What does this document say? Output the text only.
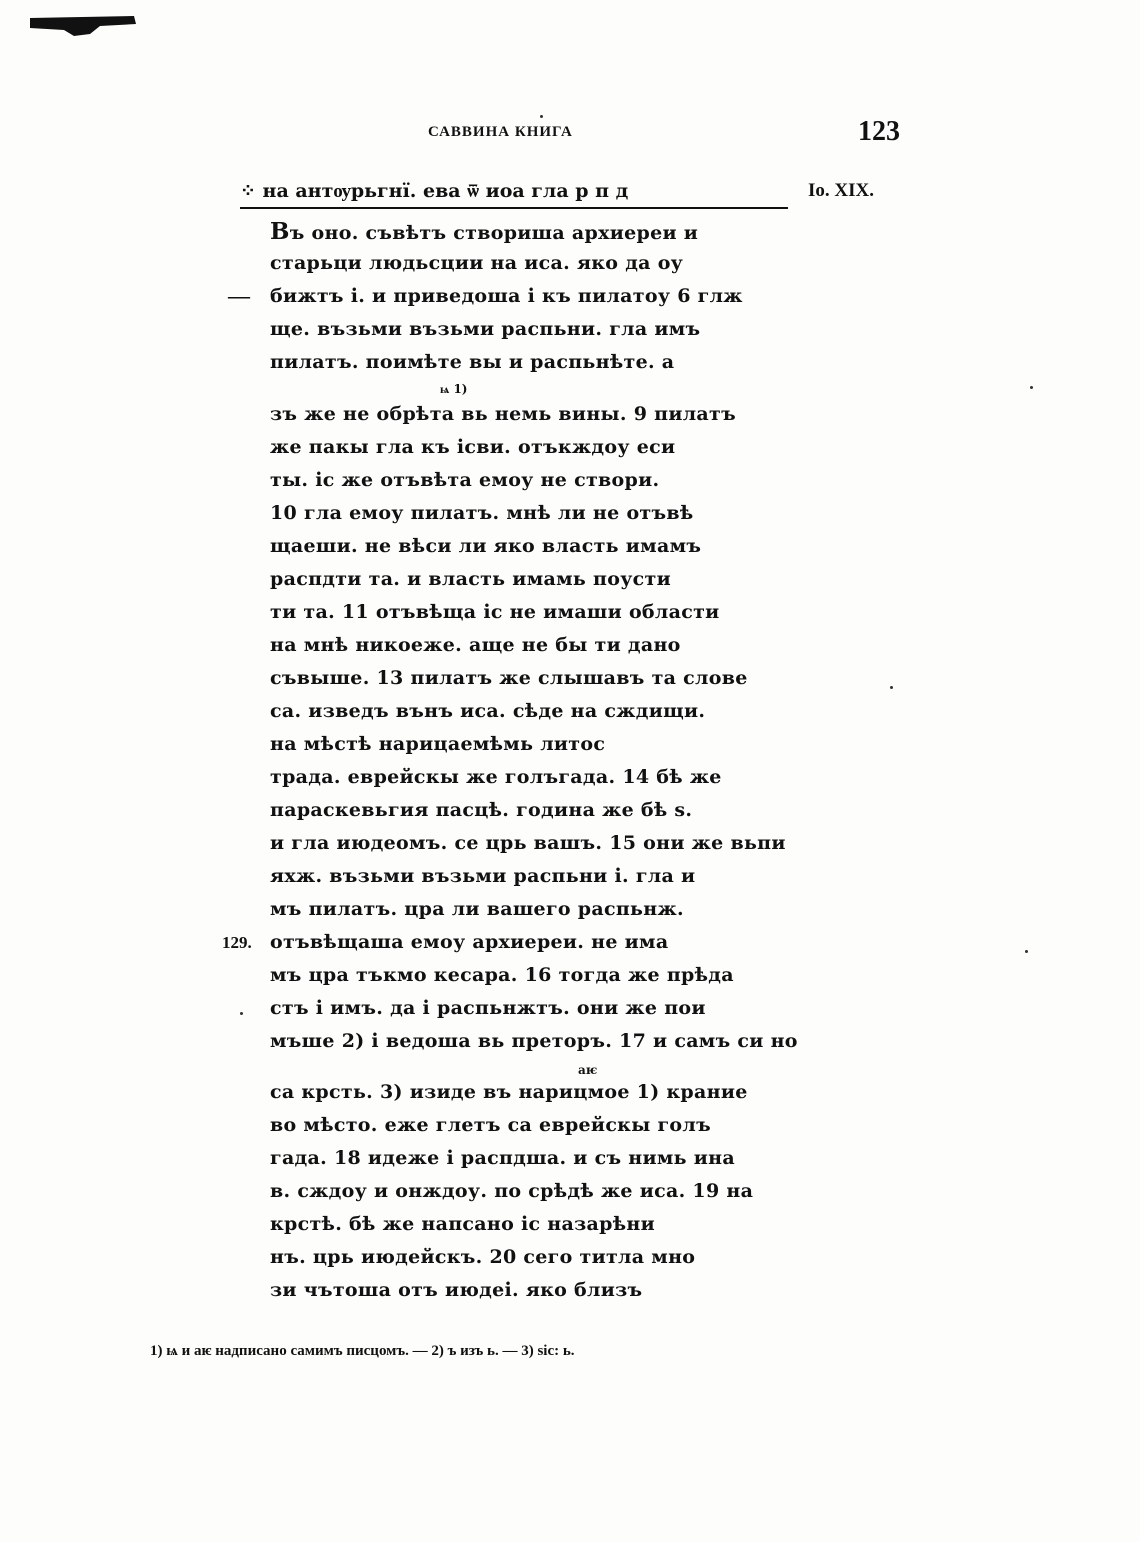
САВВИНА КНИГА	123
⁘ на антѹрьгнї. ева ѿ иоа гла р п д	Io. XIX.
Въ оно. съвѣтъ створиша архиереи и
старьци людьсции на иса. яко да оу
бижтъ і. и приведоша і къ пилатоу 6 глж
ще. възьми възьми распьни. гла имъ
пилатъ. поимѣте вы и распьнѣте. а
ѩ 1)
зъ же не обрѣта вь немь вины. 9 пилатъ
же пакы гла къ ісви. отъкждоу еси
ты. іс же отъвѣта емоу не створи.
10 гла емоу пилатъ. мнѣ ли не отъвѣ
щаеши. не вѣси ли яко власть имамъ
распдти та. и власть имамь поусти
ти та. 11 отъвѣща іс не имаши области
на мнѣ никоеже. аще не бы ти дано
съвыше. 13 пилатъ же слышавъ та слове
са. изведъ вънъ иса. сѣде на сждищи.
на мѣстѣ нарицаемѣмь литос
трада. еврейскы же голъгада. 14 бѣ же
параскевьгия пасцѣ. година же бѣ ѕ.
и гла июдеомъ. се црь вашъ. 15 они же вьпи
яхж. възьми възьми распьни і. гла и
мъ пилатъ. цра ли вашего распьнж.
отъвѣщаша емоу архиереи. не има
мъ цра тъкмо кесара. 16 тогда же прѣда
стъ і имъ. да і распьнжтъ. они же пои
мъше 2) і ведоша вь преторъ. 17 и самъ си но
аѥ
са крсть. 3) изиде въ нарицмое 1) крание
во мѣсто. еже глетъ са еврейскы голъ
гада. 18 идеже і распдша. и съ нимь ина
в. сждоу и онждоу. по срѣдѣ же иса. 19 на
крстѣ. бѣ же напсано іс назарѣни
нъ. црь июдейскъ. 20 сего титла мно
зи чътоша отъ июдеі. яко близъ
—
129.
1) ѩ и аѥ надписано самимъ писцомъ. — 2) ъ изъ ь. — 3) sic: ь.
